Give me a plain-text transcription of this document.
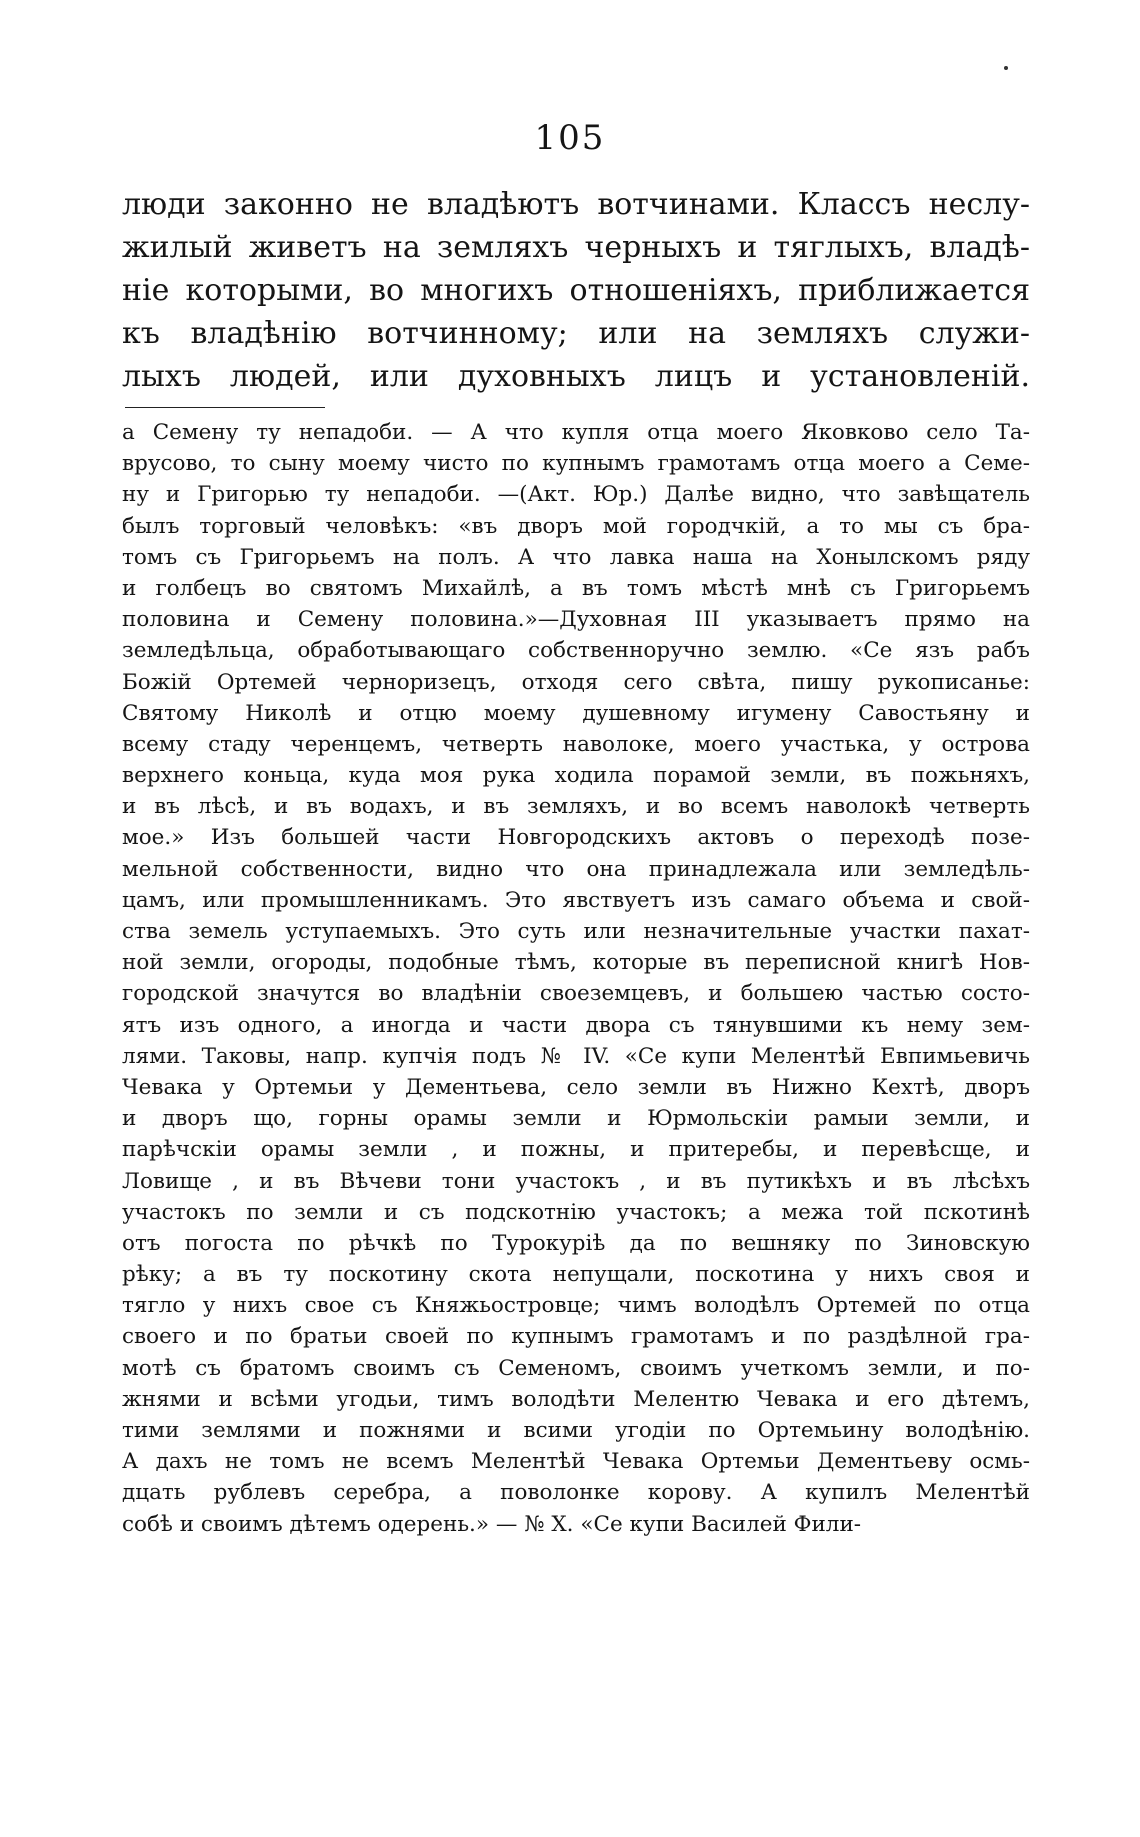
105
люди законно не владѣютъ вотчинами. Классъ неслу-
жилый живетъ на земляхъ черныхъ и тяглыхъ, владѣ-
ніе которыми, во многихъ отношеніяхъ, приближается
къ владѣнію вотчинному; или на земляхъ служи-
лыхъ людей, или духовныхъ лицъ и установленій.
а Семену ту непадоби. — А что купля отца моего Яковково село Та-
врусово, то сыну моему чисто по купнымъ грамотамъ отца моего а Семе-
ну и Григорью ту непадоби. —(Акт. Юр.) Далѣе видно, что завѣщатель
былъ торговый человѣкъ: «въ дворъ мой городчкій, а то мы съ бра-
томъ съ Григорьемъ на полъ. А что лавка наша на Хонылскомъ ряду
и голбецъ во святомъ Михайлѣ, а въ томъ мѣстѣ мнѣ съ Григорьемъ
половина и Семену половина.»—Духовная III указываетъ прямо на
земледѣльца, обработывающаго собственноручно землю. «Се язъ рабъ
Божій Ортемей черноризецъ, отходя сего свѣта, пишу рукописанье:
Святому Николѣ и отцю моему душевному игумену Савостьяну и
всему стаду черенцемъ, четверть наволоке, моего участька, у острова
верхнего коньца, куда моя рука ходила порамой земли, въ пожьняхъ,
и въ лѣсѣ, и въ водахъ, и въ земляхъ, и во всемъ наволокѣ четверть
мое.» Изъ большей части Новгородскихъ актовъ о переходѣ позе-
мельной собственности, видно что она принадлежала или земледѣль-
цамъ, или промышленникамъ. Это явствуетъ изъ самаго объема и свой-
ства земель уступаемыхъ. Это суть или незначительные участки пахат-
ной земли, огороды, подобные тѣмъ, которые въ переписной книгѣ Нов-
городской значутся во владѣніи своеземцевъ, и большею частью состо-
ятъ изъ одного, а иногда и части двора съ тянувшими къ нему зем-
лями. Таковы, напр. купчія подъ № IV. «Се купи Мелентѣй Евпимьевичь
Чевака у Ортемьи у Дементьева, село земли въ Нижно Кехтѣ, дворъ
и дворъ що, горны орамы земли и Юрмольскіи рамыи земли, и
парѣчскіи орамы земли , и пожны, и притеребы, и перевѣсще, и
Ловище , и въ Вѣчеви тони участокъ , и въ путикѣхъ и въ лѣсѣхъ
участокъ по земли и съ подскотнію участокъ; а межа той пскотинѣ
отъ погоста по рѣчкѣ по Турокурiѣ да по вешняку по Зиновскую
рѣку; а въ ту поскотину скота непущали, поскотина у нихъ своя и
тягло у нихъ свое съ Княжьостровце; чимъ володѣлъ Ортемей по отца
своего и по братьи своей по купнымъ грамотамъ и по раздѣлной гра-
мотѣ съ братомъ своимъ съ Семеномъ, своимъ учеткомъ земли, и по-
жнями и всѣми угодьи, тимъ володѣти Мелентю Чевака и его дѣтемъ,
тими землями и пожнями и всими угодіи по Ортемьину володѣнію.
А дахъ не томъ не всемъ Мелентѣй Чевака Ортемьи Дементьеву осмь-
дцать рублевъ серебра, а поволонке корову. А купилъ Мелентѣй
собѣ и своимъ дѣтемъ одерень.» — № X. «Се купи Василей Фили-
